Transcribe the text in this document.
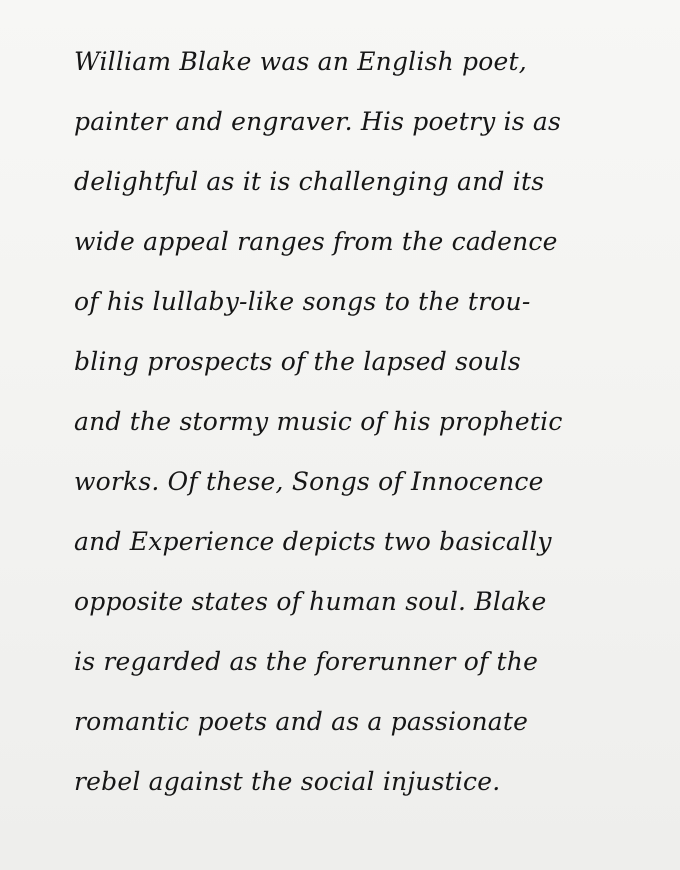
William Blake was an English poet,
painter and engraver. His poetry is as
delightful as it is challenging and its
wide appeal ranges from the cadence
of his lullaby-like songs to the trou-
bling prospects of the lapsed souls
and the stormy music of his prophetic
works. Of these, Songs of Innocence
and Experience depicts two basically
opposite states of human soul. Blake
is regarded as the forerunner of the
romantic poets and as a passionate
rebel against the social injustice.
